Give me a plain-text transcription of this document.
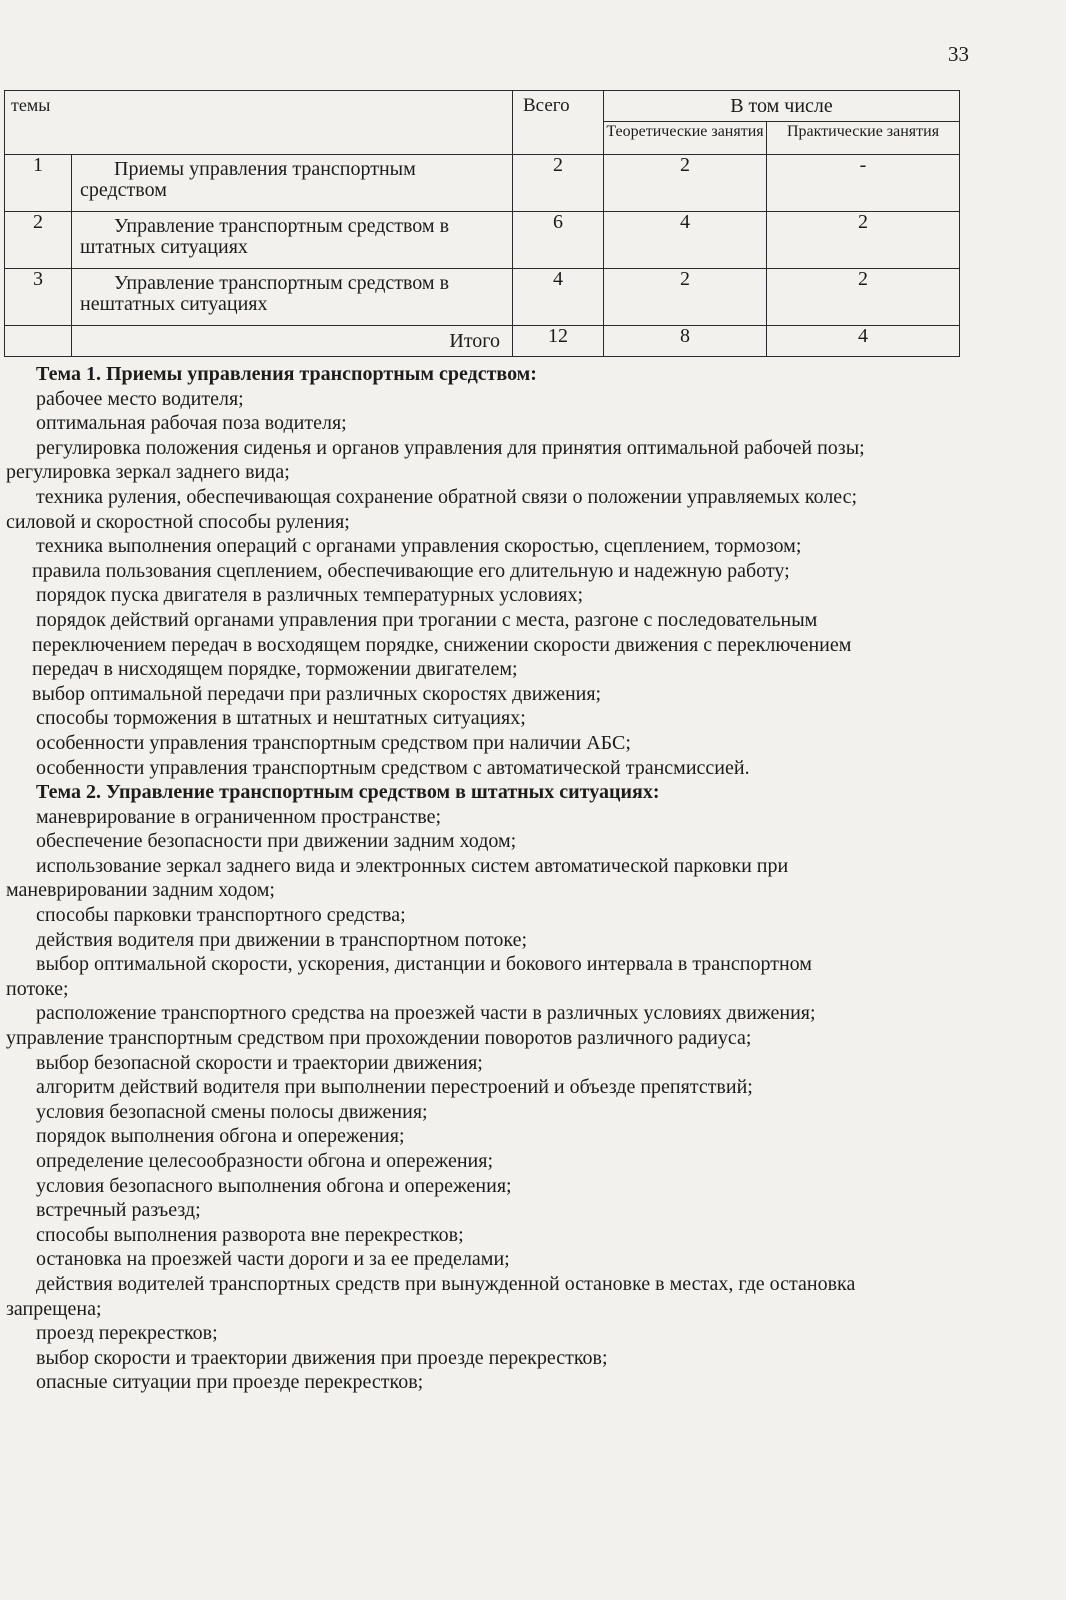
33
темы		Всего	В том числе	

			Теоретические занятия	Практические занятия
1	Приемы управления транспортным средством	2	2	-
2	Управление транспортным средством в штатных ситуациях	6	4	2
3	Управление транспортным средством в нештатных ситуациях	4	2	2

	Итого	12	8	4

Тема 1. Приемы управления транспортным средством:

рабочее место водителя;

оптимальная рабочая поза водителя;

регулировка положения сиденья и органов управления для принятия оптимальной рабочей позы;

регулировка зеркал заднего вида;

техника руления, обеспечивающая сохранение обратной связи о положении управляемых колес;

силовой и скоростной способы руления;

техника выполнения операций с органами управления скоростью, сцеплением, тормозом;

правила пользования сцеплением, обеспечивающие его длительную и надежную работу;

порядок пуска двигателя в различных температурных условиях;

порядок действий органами управления при трогании с места, разгоне с последовательным

переключением передач в восходящем порядке, снижении скорости движения с переключением

передач в нисходящем порядке, торможении двигателем;

выбор оптимальной передачи при различных скоростях движения;

способы торможения в штатных и нештатных ситуациях;

особенности управления транспортным средством при наличии АБС;

особенности управления транспортным средством с автоматической трансмиссией.

Тема 2. Управление транспортным средством в штатных ситуациях:

маневрирование в ограниченном пространстве;

обеспечение безопасности при движении задним ходом;

использование зеркал заднего вида и электронных систем автоматической парковки при

маневрировании задним ходом;

способы парковки транспортного средства;

действия водителя при движении в транспортном потоке;

выбор оптимальной скорости, ускорения, дистанции и бокового интервала в транспортном

потоке;

расположение транспортного средства на проезжей части в различных условиях движения;

управление транспортным средством при прохождении поворотов различного радиуса;

выбор безопасной скорости и траектории движения;

алгоритм действий водителя при выполнении перестроений и объезде препятствий;

условия безопасной смены полосы движения;

порядок выполнения обгона и опережения;

определение целесообразности обгона и опережения;

условия безопасного выполнения обгона и опережения;

встречный разъезд;

способы выполнения разворота вне перекрестков;

остановка на проезжей части дороги и за ее пределами;

действия водителей транспортных средств при вынужденной остановке в местах, где остановка

запрещена;

проезд перекрестков;

выбор скорости и траектории движения при проезде перекрестков;

опасные ситуации при проезде перекрестков;
